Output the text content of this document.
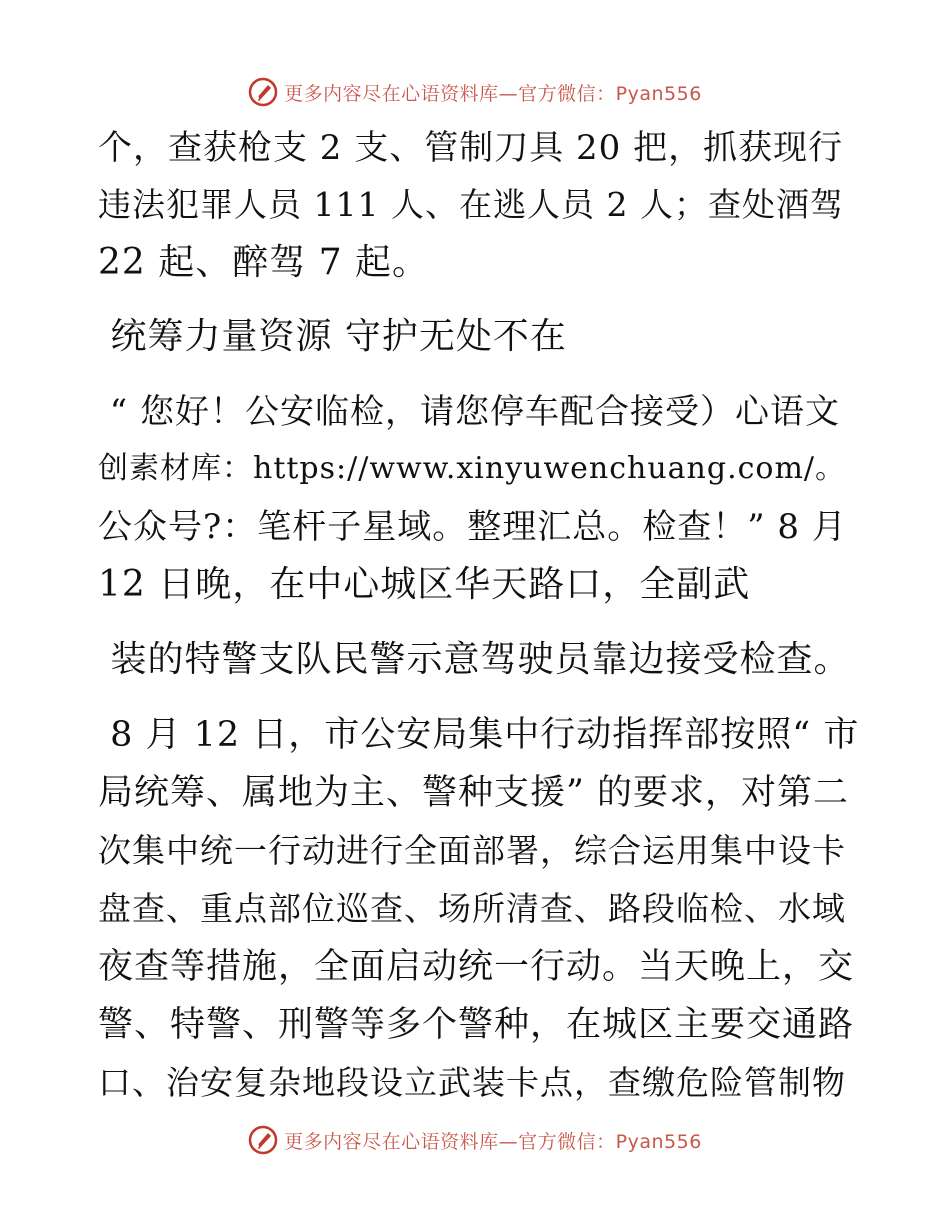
更多内容尽在心语资料库—官方微信：Pyan556
个，查获枪支 2 支、管制刀具 20 把，抓获现行
违法犯罪人员 111 人、在逃人员 2 人；查处酒驾
22 起、醉驾 7 起。
统筹力量资源 守护无处不在
“ 您好！公安临检，请您停车配合接受）心语文
创素材库：https://www.xinyuwenchuang.com/。
公众号?：笔杆子星域。整理汇总。检查！” 8 月
12 日晚，在中心城区华天路口，全副武
装的特警支队民警示意驾驶员靠边接受检查。
8 月 12 日，市公安局集中行动指挥部按照“ 市
局统筹、属地为主、警种支援” 的要求，对第二
次集中统一行动进行全面部署，综合运用集中设卡
盘查、重点部位巡查、场所清查、路段临检、水域
夜查等措施，全面启动统一行动。当天晚上，交
警、特警、刑警等多个警种，在城区主要交通路
口、治安复杂地段设立武装卡点，查缴危险管制物
更多内容尽在心语资料库—官方微信：Pyan556
